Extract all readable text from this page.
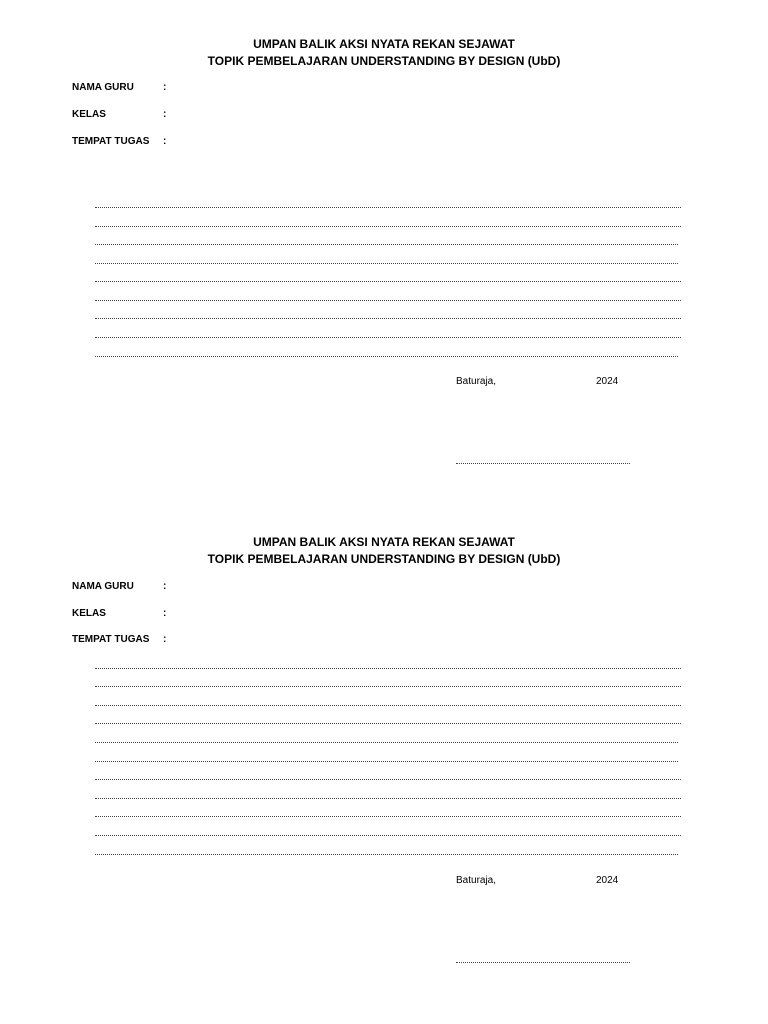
UMPAN BALIK AKSI NYATA REKAN SEJAWAT
TOPIK PEMBELAJARAN UNDERSTANDING BY DESIGN (UbD)
NAMA GURU	:
KELAS	:
TEMPAT TUGAS :
Baturaja,	2024
UMPAN BALIK AKSI NYATA REKAN SEJAWAT
TOPIK PEMBELAJARAN UNDERSTANDING BY DESIGN (UbD)
NAMA GURU	:
KELAS	:
TEMPAT TUGAS :
Baturaja,	2024
